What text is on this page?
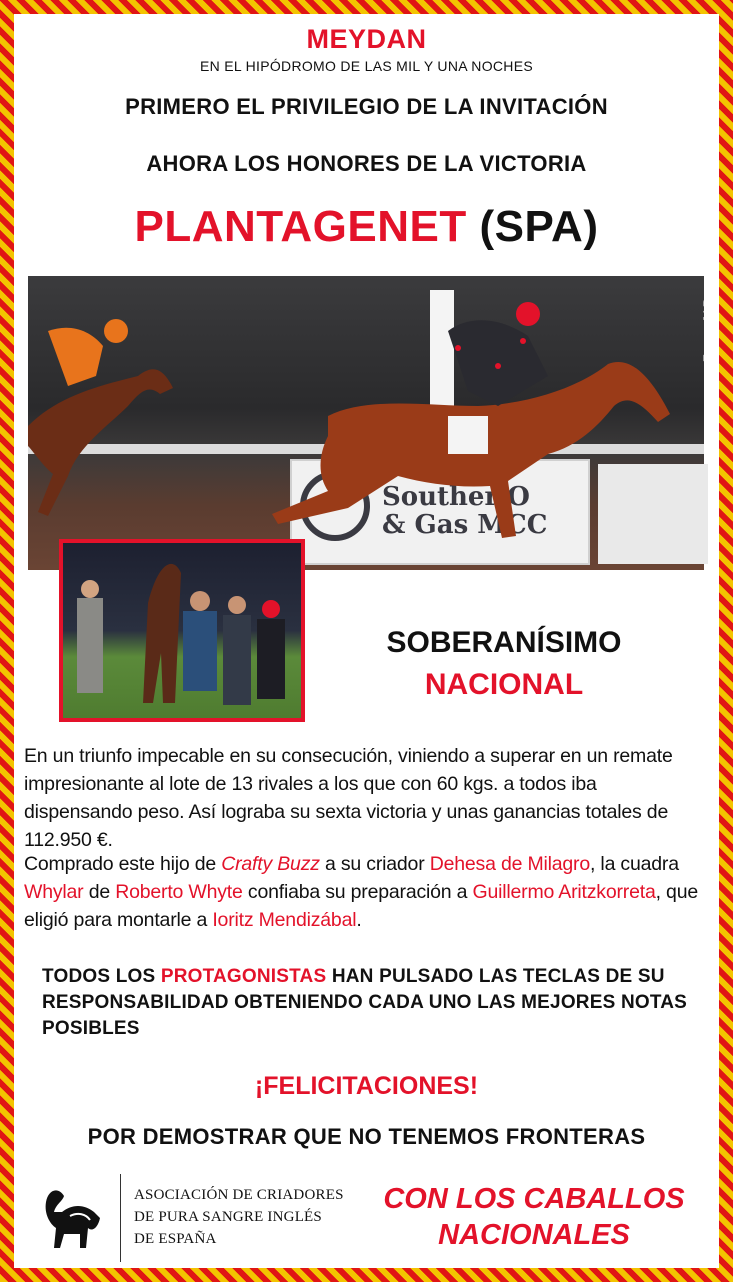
MEYDAN
EN EL HIPÓDROMO DE LAS MIL Y UNA NOCHES
PRIMERO EL PRIVILEGIO DE LA INVITACIÓN
AHORA LOS HONORES DE LA VICTORIA
PLANTAGENET (SPA)
Souther O
& Gas MCC
Fotos: JAR
SOBERANÍSIMO
NACIONAL

En un triunfo impecable en su consecución, viniendo a superar en un remate impresionante al lote de 13 rivales a los que con 60 kgs. a todos iba dispensando peso. Así lograba su sexta victoria y unas ganancias totales de 112.950 €.

Comprado este hijo de Crafty Buzz a su criador Dehesa de Milagro, la cuadra Whylar de Roberto Whyte confiaba su preparación a Guillermo Aritzkorreta, que eligió para montarle a Ioritz Mendizábal.

TODOS LOS PROTAGONISTAS HAN PULSADO LAS TECLAS DE SU RESPONSABILIDAD OBTENIENDO CADA UNO LAS MEJORES NOTAS POSIBLES

¡FELICITACIONES!
POR DEMOSTRAR QUE NO TENEMOS FRONTERAS
ASOCIACIÓN DE CRIADORES
DE PURA SANGRE INGLÉS
DE ESPAÑA
CON LOS CABALLOS
NACIONALES
